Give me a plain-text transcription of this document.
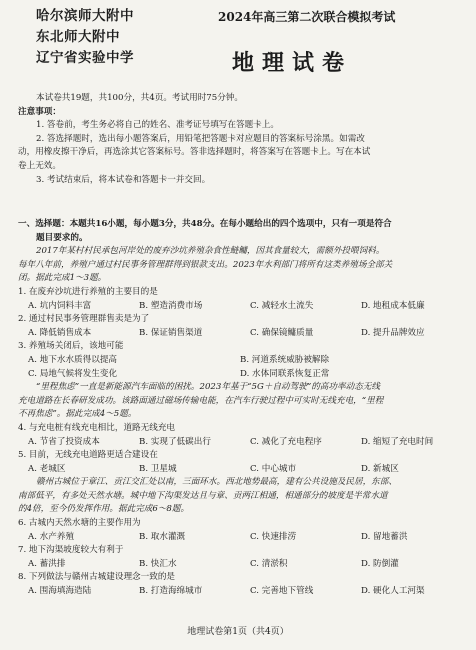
哈尔滨师大附中
东北师大附中
辽宁省实验中学
2024年高三第二次联合模拟考试
地理试卷
本试卷共19题，共100分，共4页。考试用时75分钟。
注意事项：
1. 答卷前，考生务必将自己的姓名、准考证号填写在答题卡上。
2. 答选择题时，选出每小题答案后，用铅笔把答题卡对应题目的答案标号涂黑。如需改
动，用橡皮擦干净后，再选涂其它答案标号。答非选择题时，将答案写在答题卡上。写在本试
卷上无效。
3. 考试结束后，将本试卷和答题卡一并交回。
一、选择题：本题共16小题，每小题3分，共48分。在每小题给出的四个选项中，只有一项是符合
题目要求的。
2017年某村村民承包河岸处的废弃沙坑养殖杂食性鲢鳙，因其食量较大，需额外投喂饲料。
每年八年前，养殖户通过村民事务管理群得到银款支出。2023年水利部门将所有这类养殖场全部关
闭。据此完成1～3题。
1. 在废弃沙坑进行养殖的主要目的是
A. 坑内饲料丰富	B. 塑造消费市场	C. 减轻水土流失	D. 地租成本低廉
2. 通过村民事务管理群售卖是为了
A. 降低销售成本	B. 保证销售渠道	C. 确保镜鳙质量	D. 提升品牌效应
3. 养殖场关闭后，该地可能
A. 地下水水质得以提高	B. 河道系统威胁被解除
C. 局地气候将发生变化	D. 水体同联系恢复正常
“里程焦虑”一直是新能源汽车面临的困扰。2023年基于“5G＋自动驾驶”的高功率动态无线
充电道路在长春研发成功。该路面通过磁场传输电能，在汽车行驶过程中可实时无线充电，“里程
不再焦虑”。据此完成4～5题。
4. 与充电桩有线充电相比，道路无线充电
A. 节省了投资成本	B. 实现了低碳出行	C. 减化了充电程序	D. 缩短了充电时间
5. 目前，无线充电道路更适合建设在
A. 老城区	B. 卫星城	C. 中心城市	D. 新城区
赣州古城位于章江、贡江交汇处以南，三面环水。西北地势最高，建有公共设施及民居，东部、
南部低平，有多处天然水塘。城中地下沟渠发达且与章、贡两江相通，相通部分的坡度是半常水道
的4倍，至今仍发挥作用。据此完成6～8题。
6. 古城内天然水塘的主要作用为
A. 水产养殖	B. 取水灌溉	C. 快速排涝	D. 留地蓄洪
7. 地下沟渠坡度较大有利于
A. 蓄洪排	B. 快汇水	C. 清淤积	D. 防倒灌
8. 下列做法与赣州古城建设理念一致的是
A. 围海填海造陆	B. 打造海绵城市	C. 完善地下管线	D. 硬化人工河渠
地理试卷第1页（共4页）
